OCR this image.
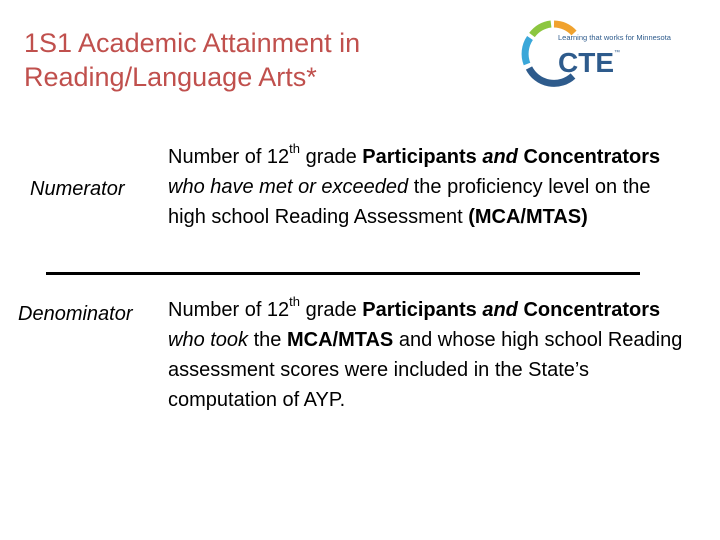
1S1 Academic Attainment in
Reading/Language Arts*
Learning that works for Minnesota
CTE ™
Numerator
Number of 12th grade Participants and Concentrators who have met or exceeded the proficiency level on the high school Reading Assessment (MCA/MTAS)
Denominator Number of 12th grade Participants and Concentrators who took the MCA/MTAS and whose high school Reading assessment scores were included in the State’s computation of AYP.
